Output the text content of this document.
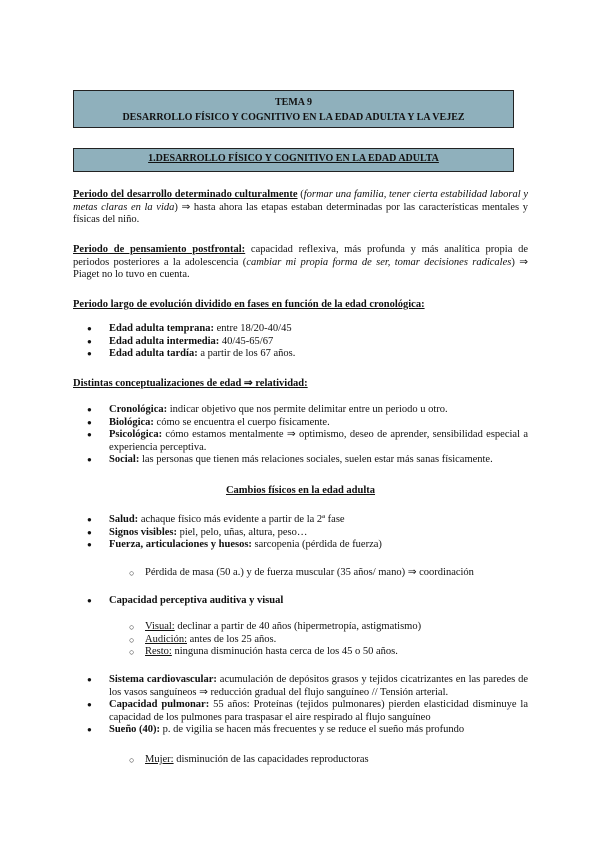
TEMA 9
DESARROLLO FÍSICO Y COGNITIVO EN LA EDAD ADULTA Y LA VEJEZ
1.DESARROLLO FÍSICO Y COGNITIVO EN LA EDAD ADULTA
Periodo del desarrollo determinado culturalmente (formar una familia, tener cierta estabilidad laboral y metas claras en la vida) ⇒ hasta ahora las etapas estaban determinadas por las características mentales y físicas del niño.
Periodo de pensamiento postfrontal: capacidad reflexiva, más profunda y más analítica propia de periodos posteriores a la adolescencia (cambiar mi propia forma de ser, tomar decisiones radicales) ⇒ Piaget no lo tuvo en cuenta.
Periodo largo de evolución dividido en fases en función de la edad cronológica:
● Edad adulta temprana: entre 18/20-40/45
● Edad adulta intermedia: 40/45-65/67
● Edad adulta tardía: a partir de los 67 años.
Distintas conceptualizaciones de edad ⇒ relatividad:
● Cronológica: indicar objetivo que nos permite delimitar entre un periodo u otro.
● Biológica: cómo se encuentra el cuerpo físicamente.
● Psicológica: cómo estamos mentalmente ⇒ optimismo, deseo de aprender, sensibilidad especial a experiencia perceptiva.
● Social: las personas que tienen más relaciones sociales, suelen estar más sanas físicamente.
Cambios físicos en la edad adulta
● Salud: achaque físico más evidente a partir de la 2ª fase
● Signos visibles: piel, pelo, uñas, altura, peso…
● Fuerza, articulaciones y huesos: sarcopenia (pérdida de fuerza)
○ Pérdida de masa (50 a.) y de fuerza muscular (35 años/ mano) ⇒ coordinación
● Capacidad perceptiva auditiva y visual
○ Visual: declinar a partir de 40 años (hipermetropía, astigmatismo)
○ Audición: antes de los 25 años.
○ Resto: ninguna disminución hasta cerca de los 45 o 50 años.
● Sistema cardiovascular: acumulación de depósitos grasos y tejidos cicatrizantes en las paredes de los vasos sanguíneos ⇒ reducción gradual del flujo sanguíneo // Tensión arterial.
● Capacidad pulmonar: 55 años: Proteínas (tejidos pulmonares) pierden elasticidad disminuye la capacidad de los pulmones para traspasar el aire respirado al flujo sanguíneo
● Sueño (40): p. de vigilia se hacen más frecuentes y se reduce el sueño más profundo
○ Mujer: disminución de las capacidades reproductoras
